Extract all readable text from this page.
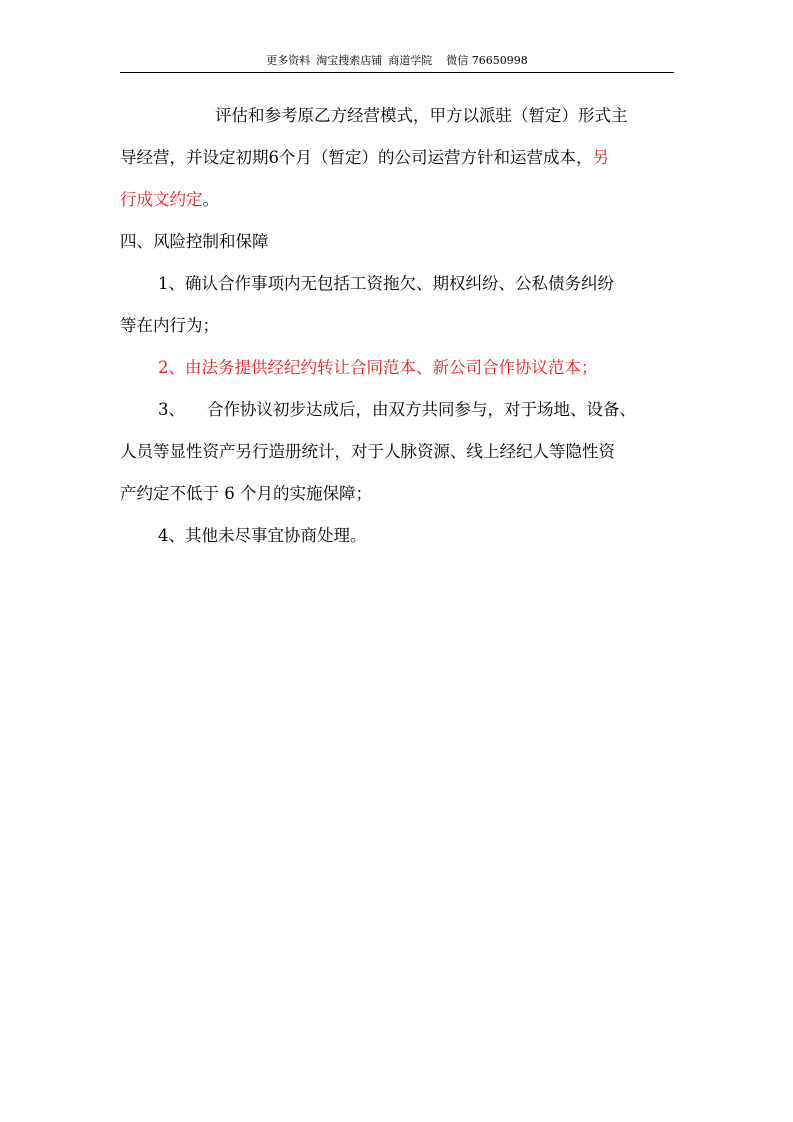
更多资料 淘宝搜索店铺 商道学院 微信 76650998
评估和参考原乙方经营模式，甲方以派驻（暂定）形式主
导经营，并设定初期6个月（暂定）的公司运营方针和运营成本，另
行成文约定。
四、风险控制和保障
1、确认合作事项内无包括工资拖欠、期权纠纷、公私债务纠纷
等在内行为；
2、由法务提供经纪约转让合同范本、新公司合作协议范本；
3、 合作协议初步达成后，由双方共同参与，对于场地、设备、
人员等显性资产另行造册统计，对于人脉资源、线上经纪人等隐性资
产约定不低于 6 个月的实施保障；
4、其他未尽事宜协商处理。
